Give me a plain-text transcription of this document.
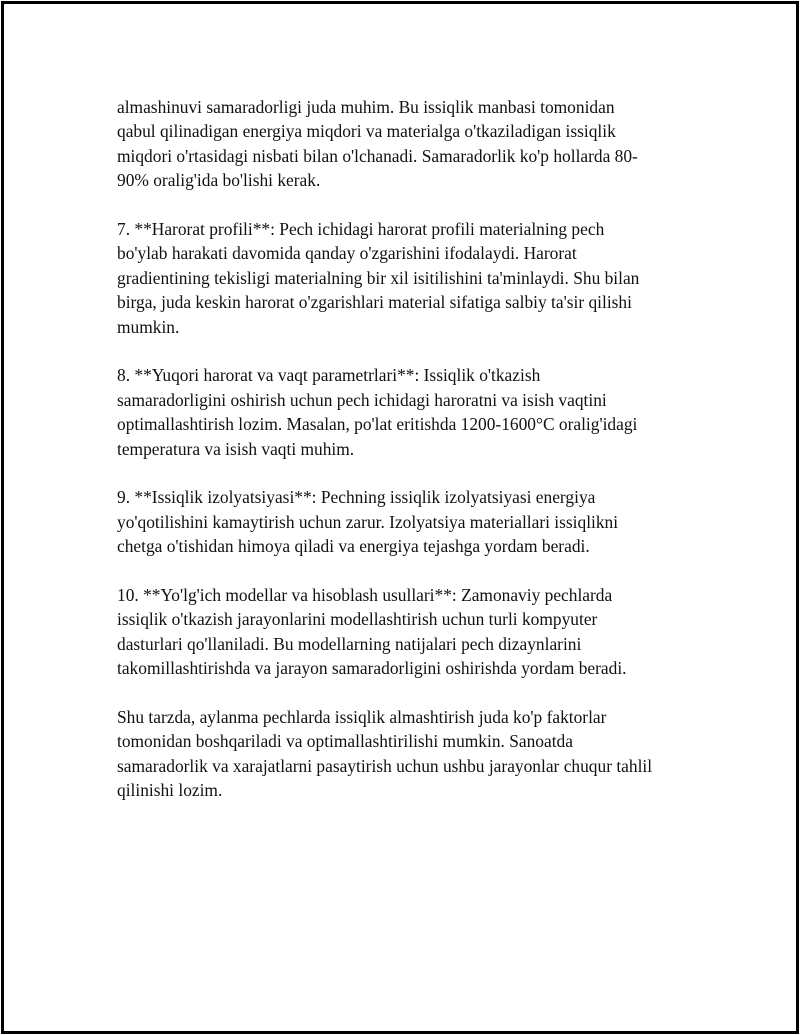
almashinuvi samaradorligi juda muhim. Bu issiqlik manbasi tomonidan
qabul qilinadigan energiya miqdori va materialga o'tkaziladigan issiqlik
miqdori o'rtasidagi nisbati bilan o'lchanadi. Samaradorlik ko'p hollarda 80-
90% oralig'ida bo'lishi kerak.

7. **Harorat profili**: Pech ichidagi harorat profili materialning pech
bo'ylab harakati davomida qanday o'zgarishini ifodalaydi. Harorat
gradientining tekisligi materialning bir xil isitilishini ta'minlaydi. Shu bilan
birga, juda keskin harorat o'zgarishlari material sifatiga salbiy ta'sir qilishi
mumkin.

8. **Yuqori harorat va vaqt parametrlari**: Issiqlik o'tkazish
samaradorligini oshirish uchun pech ichidagi haroratni va isish vaqtini
optimallashtirish lozim. Masalan, po'lat eritishda 1200-1600°C oralig'idagi
temperatura va isish vaqti muhim.

9. **Issiqlik izolyatsiyasi**: Pechning issiqlik izolyatsiyasi energiya
yo'qotilishini kamaytirish uchun zarur. Izolyatsiya materiallari issiqlikni
chetga o'tishidan himoya qiladi va energiya tejashga yordam beradi.

10. **Yo'lg'ich modellar va hisoblash usullari**: Zamonaviy pechlarda
issiqlik o'tkazish jarayonlarini modellashtirish uchun turli kompyuter
dasturlari qo'llaniladi. Bu modellarning natijalari pech dizaynlarini
takomillashtirishda va jarayon samaradorligini oshirishda yordam beradi.

Shu tarzda, aylanma pechlarda issiqlik almashtirish juda ko'p faktorlar
tomonidan boshqariladi va optimallashtirilishi mumkin. Sanoatda
samaradorlik va xarajatlarni pasaytirish uchun ushbu jarayonlar chuqur tahlil
qilinishi lozim.
